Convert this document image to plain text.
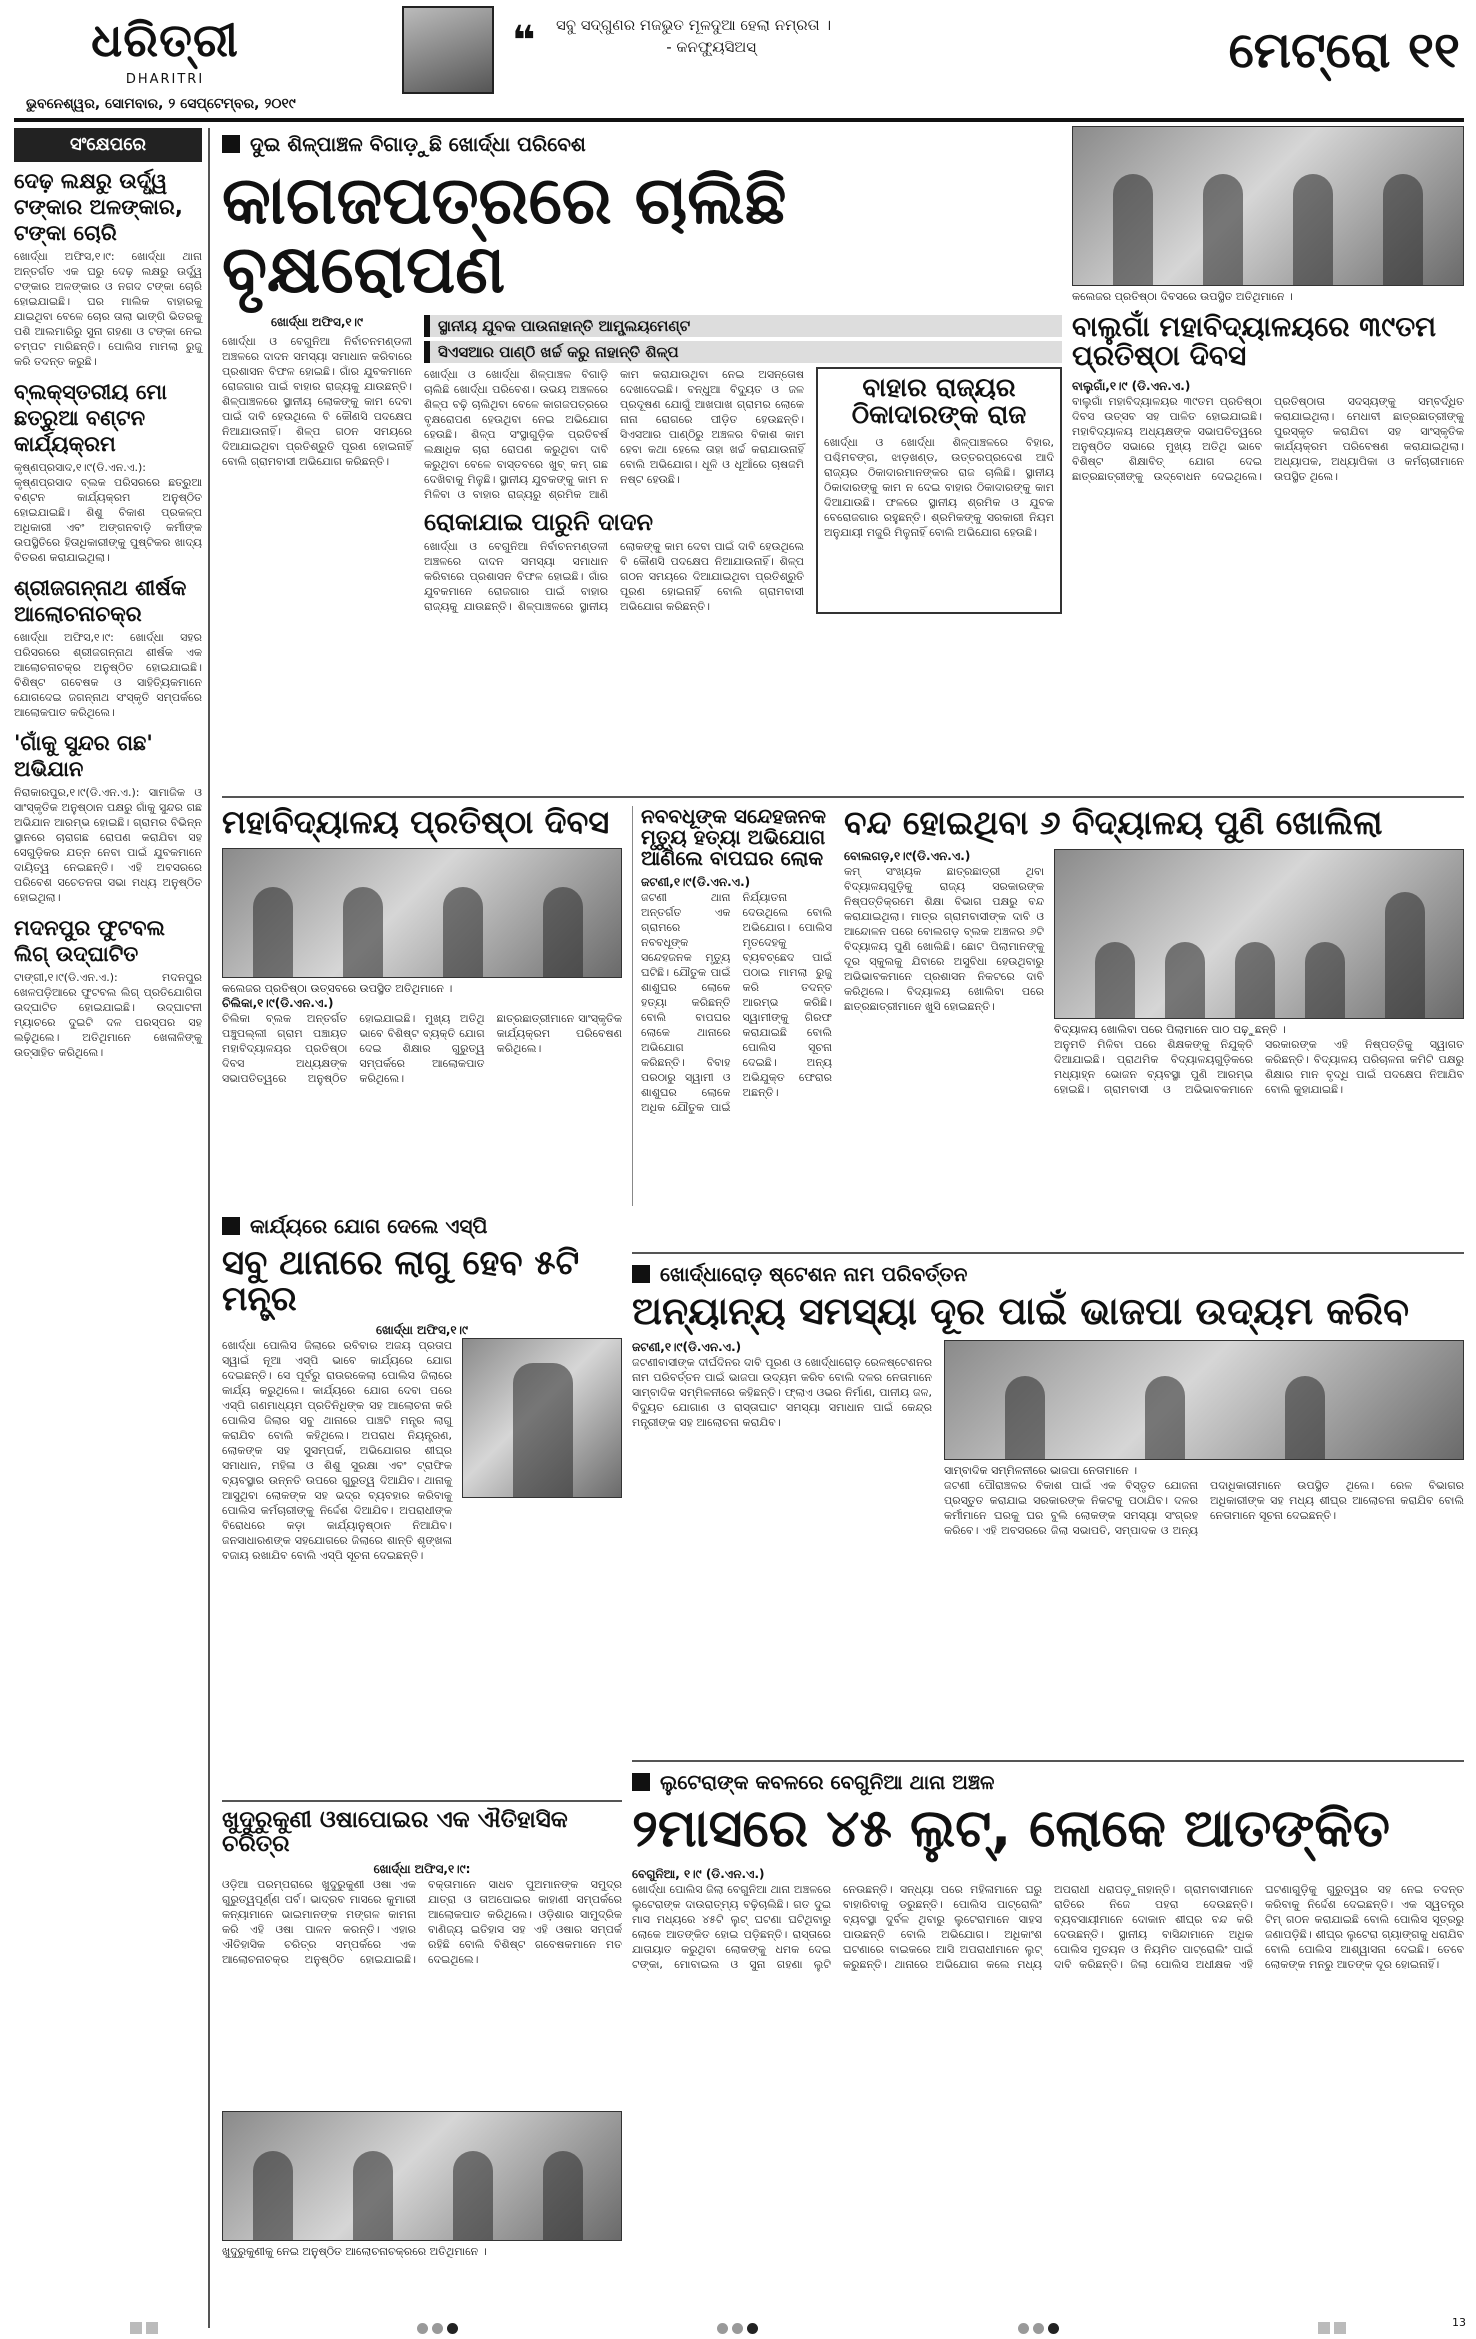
ଧରିତ୍ରୀ
DHARITRI
❝ ସବୁ ସଦ୍‌ଗୁଣର ମଜଭୁତ ମୂଳଦୁଆ ହେଲା ନମ୍ରତା ।
- କନଫ୍ୟୁସିଅସ୍‌	ମେଟ୍ରୋ ୧୧
ଭୁବନେଶ୍ୱର, ସୋମବାର, ୨ ସେପ୍ଟେମ୍ବର, ୨୦୧୯
ସଂକ୍ଷେପରେ
ଦେଢ଼ ଲକ୍ଷରୁ ଉର୍ଦ୍ଧ୍ୱ ଟଙ୍କାର ଅଳଙ୍କାର, ଟଙ୍କା ଚୋରି
ଖୋର୍ଦ୍ଧା ଅଫିସ,୧।୯: ଖୋର୍ଦ୍ଧା ଥାନା ଅନ୍ତର୍ଗତ ଏକ ଘରୁ ଦେଢ଼ ଲକ୍ଷରୁ ଉର୍ଦ୍ଧ୍ୱ ଟଙ୍କାର ଅଳଙ୍କାର ଓ ନଗଦ ଟଙ୍କା ଚୋରି ହୋଇଯାଇଛି। ଘର ମାଲିକ ବାହାରକୁ ଯାଇଥିବା ବେଳେ ଚୋର ତାଲା ଭାଙ୍ଗି ଭିତରକୁ ପଶି ଆଲମାରିରୁ ସୁନା ଗହଣା ଓ ଟଙ୍କା ନେଇ ଚମ୍ପଟ ମାରିଛନ୍ତି। ପୋଲିସ ମାମଲା ରୁଜୁ କରି ତଦନ୍ତ କରୁଛି।
ବ୍ଲକ୍‌ସ୍ତରୀୟ ମୋ ଛତ୍ରୁଆ ବଣ୍ଟନ କାର୍ଯ୍ୟକ୍ରମ
କୃଷ୍ଣପ୍ରସାଦ,୧।୯(ଡି.ଏନ.ଏ.): କୃଷ୍ଣପ୍ରସାଦ ବ୍ଲକ ପରିସରରେ ଛତ୍ରୁଆ ବଣ୍ଟନ କାର୍ଯ୍ୟକ୍ରମ ଅନୁଷ୍ଠିତ ହୋଇଯାଇଛି। ଶିଶୁ ବିକାଶ ପ୍ରକଳ୍ପ ଅଧିକାରୀ ଏବଂ ଅଙ୍ଗନବାଡ଼ି କର୍ମୀଙ୍କ ଉପସ୍ଥିତିରେ ହିତାଧିକାରୀଙ୍କୁ ପୁଷ୍ଟିକର ଖାଦ୍ୟ ବିତରଣ କରାଯାଇଥିଲା।
ଶ୍ରୀଜଗନ୍ନାଥ ଶୀର୍ଷକ ଆଲୋଚନାଚକ୍ର
ଖୋର୍ଦ୍ଧା ଅଫିସ,୧।୯: ଖୋର୍ଦ୍ଧା ସହର ପରିସରରେ ଶ୍ରୀଜଗନ୍ନାଥ ଶୀର୍ଷକ ଏକ ଆଲୋଚନାଚକ୍ର ଅନୁଷ୍ଠିତ ହୋଇଯାଇଛି। ବିଶିଷ୍ଟ ଗବେଷକ ଓ ସାହିତ୍ୟିକମାନେ ଯୋଗଦେଇ ଜଗନ୍ନାଥ ସଂସ୍କୃତି ସମ୍ପର୍କରେ ଆଲୋକପାତ କରିଥିଲେ।
'ଗାଁକୁ ସୁନ୍ଦର ଗଛ' ଅଭିଯାନ
ନିରାକାରପୁର,୧।୯(ଡି.ଏନ.ଏ.): ସାମାଜିକ ଓ ସାଂସ୍କୃତିକ ଅନୁଷ୍ଠାନ ପକ୍ଷରୁ ଗାଁକୁ ସୁନ୍ଦର ଗଛ ଅଭିଯାନ ଆରମ୍ଭ ହୋଇଛି। ଗ୍ରାମର ବିଭିନ୍ନ ସ୍ଥାନରେ ଚାରାଗଛ ରୋପଣ କରାଯିବା ସହ ସେଗୁଡ଼ିକର ଯତ୍ନ ନେବା ପାଇଁ ଯୁବକମାନେ ଦାୟିତ୍ୱ ନେଇଛନ୍ତି। ଏହି ଅବସରରେ ପରିବେଶ ସଚେତନତା ସଭା ମଧ୍ୟ ଅନୁଷ୍ଠିତ ହୋଇଥିଲା।
ମଦନପୁର ଫୁଟବଲ ଲିଗ୍‌ ଉଦ୍‌ଘାଟିତ
ଟାଙ୍ଗୀ,୧।୯(ଡି.ଏନ.ଏ.): ମଦନପୁର ଖେଳପଡ଼ିଆରେ ଫୁଟବଲ ଲିଗ୍‌ ପ୍ରତିଯୋଗିତା ଉଦ୍‌ଘାଟିତ ହୋଇଯାଇଛି। ଉଦ୍‌ଘାଟନୀ ମ୍ୟାଚରେ ଦୁଇଟି ଦଳ ପରସ୍ପର ସହ ଲଢ଼ିଥିଲେ। ଅତିଥିମାନେ ଖେଳାଳିଙ୍କୁ ଉତ୍ସାହିତ କରିଥିଲେ।
ଦୁଇ ଶିଳ୍ପାଞ୍ଚଳ ବିଗାଡ଼ୁଛି ଖୋର୍ଦ୍ଧା ପରିବେଶ
କାଗଜପତ୍ରରେ ଚାଲିଛି ବୃକ୍ଷରୋପଣ
ଖୋର୍ଦ୍ଧା ଅଫିସ,୧।୯
ଖୋର୍ଦ୍ଧା ଓ ବେଗୁନିଆ ନିର୍ବାଚନମଣ୍ଡଳୀ ଅଞ୍ଚଳରେ ଦାଦନ ସମସ୍ୟା ସମାଧାନ କରିବାରେ ପ୍ରଶାସନ ବିଫଳ ହୋଇଛି। ଗାଁର ଯୁବକମାନେ ରୋଜଗାର ପାଇଁ ବାହାର ରାଜ୍ୟକୁ ଯାଉଛନ୍ତି। ଶିଳ୍ପାଞ୍ଚଳରେ ସ୍ଥାନୀୟ ଲୋକଙ୍କୁ କାମ ଦେବା ପାଇଁ ଦାବି ହେଉଥିଲେ ବି କୌଣସି ପଦକ୍ଷେପ ନିଆଯାଉନାହିଁ। ଶିଳ୍ପ ଗଠନ ସମୟରେ ଦିଆଯାଇଥିବା ପ୍ରତିଶ୍ରୁତି ପୂରଣ ହୋଇନାହିଁ ବୋଲି ଗ୍ରାମବାସୀ ଅଭିଯୋଗ କରିଛନ୍ତି।
ସ୍ଥାନୀୟ ଯୁବକ ପାଉନାହାନ୍ତି ଆମ୍ପ୍ଲୟମେଣ୍ଟ
ସିଏସଆର ପାଣ୍ଠି ଖର୍ଚ୍ଚ କରୁ ନାହାନ୍ତି ଶିଳ୍ପ
ଖୋର୍ଦ୍ଧା ଓ ଖୋର୍ଦ୍ଧା ଶିଳ୍ପାଞ୍ଚଳ ବିଗାଡ଼ି ଚାଲିଛି ଖୋର୍ଦ୍ଧା ପରିବେଶ। ଉଭୟ ଅଞ୍ଚଳରେ ଶିଳ୍ପ ବଢ଼ି ଚାଲିଥିବା ବେଳେ କାଗଜପତ୍ରରେ ବୃକ୍ଷରୋପଣ ହେଉଥିବା ନେଇ ଅଭିଯୋଗ ହେଉଛି। ଶିଳ୍ପ ସଂସ୍ଥାଗୁଡ଼ିକ ପ୍ରତିବର୍ଷ ଲକ୍ଷାଧିକ ଚାରା ରୋପଣ କରୁଥିବା ଦାବି କରୁଥିବା ବେଳେ ବାସ୍ତବରେ ଖୁବ୍‌ କମ୍‌ ଗଛ ଦେଖିବାକୁ ମିଳୁଛି। ସ୍ଥାନୀୟ ଯୁବକଙ୍କୁ କାମ ନ ମିଳିବା ଓ ବାହାର ରାଜ୍ୟରୁ ଶ୍ରମିକ ଆଣି କାମ କରାଯାଉଥିବା ନେଇ ଅସନ୍ତୋଷ ଦେଖାଦେଇଛି। ବନ୍ଧୁଆ ବିଦ୍ୟୁତ ଓ ଜଳ ପ୍ରଦୂଷଣ ଯୋଗୁଁ ଆଖପାଖ ଗ୍ରାମର ଲୋକେ ନାନା ରୋଗରେ ପୀଡ଼ିତ ହେଉଛନ୍ତି। ସିଏସଆର ପାଣ୍ଠିରୁ ଅଞ୍ଚଳର ବିକାଶ କାମ ହେବା କଥା ହେଲେ ତାହା ଖର୍ଚ୍ଚ କରାଯାଉନାହିଁ ବୋଲି ଅଭିଯୋଗ। ଧୂଳି ଓ ଧୂଆଁରେ ଚାଷଜମି ନଷ୍ଟ ହେଉଛି।
ରୋକାଯାଇ ପାରୁନି ଦାଦନ
ଖୋର୍ଦ୍ଧା ଓ ବେଗୁନିଆ ନିର୍ବାଚନମଣ୍ଡଳୀ ଅଞ୍ଚଳରେ ଦାଦନ ସମସ୍ୟା ସମାଧାନ କରିବାରେ ପ୍ରଶାସନ ବିଫଳ ହୋଇଛି। ଗାଁର ଯୁବକମାନେ ରୋଜଗାର ପାଇଁ ବାହାର ରାଜ୍ୟକୁ ଯାଉଛନ୍ତି। ଶିଳ୍ପାଞ୍ଚଳରେ ସ୍ଥାନୀୟ ଲୋକଙ୍କୁ କାମ ଦେବା ପାଇଁ ଦାବି ହେଉଥିଲେ ବି କୌଣସି ପଦକ୍ଷେପ ନିଆଯାଉନାହିଁ। ଶିଳ୍ପ ଗଠନ ସମୟରେ ଦିଆଯାଇଥିବା ପ୍ରତିଶ୍ରୁତି ପୂରଣ ହୋଇନାହିଁ ବୋଲି ଗ୍ରାମବାସୀ ଅଭିଯୋଗ କରିଛନ୍ତି।
ବାହାର ରାଜ୍ୟର ଠିକାଦାରଙ୍କ ରାଜ
ଖୋର୍ଦ୍ଧା ଓ ଖୋର୍ଦ୍ଧା ଶିଳ୍ପାଞ୍ଚଳରେ ବିହାର, ପଶ୍ଚିମବଙ୍ଗ, ଝାଡ଼ଖଣ୍ଡ, ଉତ୍ତରପ୍ରଦେଶ ଆଦି ରାଜ୍ୟର ଠିକାଦାରମାନଙ୍କର ରାଜ ଚାଲିଛି। ସ୍ଥାନୀୟ ଠିକାଦାରଙ୍କୁ କାମ ନ ଦେଇ ବାହାର ଠିକାଦାରଙ୍କୁ କାମ ଦିଆଯାଉଛି। ଫଳରେ ସ୍ଥାନୀୟ ଶ୍ରମିକ ଓ ଯୁବକ ବେରୋଜଗାର ରହୁଛନ୍ତି। ଶ୍ରମିକଙ୍କୁ ସରକାରୀ ନିୟମ ଅନୁଯାୟୀ ମଜୁରି ମିଳୁନାହିଁ ବୋଲି ଅଭିଯୋଗ ହେଉଛି।
କଲେଜର ପ୍ରତିଷ୍ଠା ଦିବସରେ ଉପସ୍ଥିତ ଅତିଥିମାନେ ।
ବାଲୁଗାଁ ମହାବିଦ୍ୟାଳୟରେ ୩୯ତମ ପ୍ରତିଷ୍ଠା ଦିବସ
ବାଲୁଗାଁ,୧।୯ (ଡି.ଏନ.ଏ.)
ବାଲୁଗାଁ ମହାବିଦ୍ୟାଳୟର ୩୯ତମ ପ୍ରତିଷ୍ଠା ଦିବସ ଉତ୍ସବ ସହ ପାଳିତ ହୋଇଯାଇଛି। ମହାବିଦ୍ୟାଳୟ ଅଧ୍ୟକ୍ଷଙ୍କ ସଭାପତିତ୍ୱରେ ଅନୁଷ୍ଠିତ ସଭାରେ ମୁଖ୍ୟ ଅତିଥି ଭାବେ ବିଶିଷ୍ଟ ଶିକ୍ଷାବିତ୍‌ ଯୋଗ ଦେଇ ଛାତ୍ରଛାତ୍ରୀଙ୍କୁ ଉଦ୍‌ବୋଧନ ଦେଇଥିଲେ। ପ୍ରତିଷ୍ଠାତା ସଦସ୍ୟଙ୍କୁ ସମ୍ବର୍ଦ୍ଧିତ କରାଯାଇଥିଲା। ମେଧାବୀ ଛାତ୍ରଛାତ୍ରୀଙ୍କୁ ପୁରସ୍କୃତ କରାଯିବା ସହ ସାଂସ୍କୃତିକ କାର୍ଯ୍ୟକ୍ରମ ପରିବେଷଣ କରାଯାଇଥିଲା। ଅଧ୍ୟାପକ, ଅଧ୍ୟାପିକା ଓ କର୍ମଚାରୀମାନେ ଉପସ୍ଥିତ ଥିଲେ।
ମହାବିଦ୍ୟାଳୟ ପ୍ରତିଷ୍ଠା ଦିବସ
କଲେଜର ପ୍ରତିଷ୍ଠା ଉତ୍ସବରେ ଉପସ୍ଥିତ ଅତିଥିମାନେ ।
ଚିଲିକା,୧।୯(ଡି.ଏନ.ଏ.)
ଚିଲିକା ବ୍ଲକ ଅନ୍ତର୍ଗତ ପଞ୍ଚୁପଲ୍ଲୀ ଗ୍ରାମ ପଞ୍ଚାୟତ ମହାବିଦ୍ୟାଳୟର ପ୍ରତିଷ୍ଠା ଦିବସ ଅଧ୍ୟକ୍ଷଙ୍କ ସଭାପତିତ୍ୱରେ ଅନୁଷ୍ଠିତ ହୋଇଯାଇଛି। ମୁଖ୍ୟ ଅତିଥି ଭାବେ ବିଶିଷ୍ଟ ବ୍ୟକ୍ତି ଯୋଗ ଦେଇ ଶିକ୍ଷାର ଗୁରୁତ୍ୱ ସମ୍ପର୍କରେ ଆଲୋକପାତ କରିଥିଲେ। ଛାତ୍ରଛାତ୍ରୀମାନେ ସାଂସ୍କୃତିକ କାର୍ଯ୍ୟକ୍ରମ ପରିବେଷଣ କରିଥିଲେ।
ନବବଧୂଙ୍କ ସନ୍ଦେହଜନକ ମୃତ୍ୟୁ ହତ୍ୟା ଅଭିଯୋଗ ଆଣିଲେ ବାପଘର ଲୋକ
ଜଟଣୀ,୧।୯(ଡି.ଏନ.ଏ.)
ଜଟଣୀ ଥାନା ଅନ୍ତର୍ଗତ ଏକ ଗ୍ରାମରେ ନବବଧୂଙ୍କ ସନ୍ଦେହଜନକ ମୃତ୍ୟୁ ଘଟିଛି। ଯୌତୁକ ପାଇଁ ଶାଶୁଘର ଲୋକେ ହତ୍ୟା କରିଛନ୍ତି ବୋଲି ବାପଘର ଲୋକେ ଥାନାରେ ଅଭିଯୋଗ କରିଛନ୍ତି। ବିବାହ ପରଠାରୁ ସ୍ୱାମୀ ଓ ଶାଶୁଘର ଲୋକେ ଅଧିକ ଯୌତୁକ ପାଇଁ ନିର୍ଯ୍ୟାତନା ଦେଉଥିଲେ ବୋଲି ଅଭିଯୋଗ। ପୋଲିସ ମୃତଦେହକୁ ବ୍ୟବଚ୍ଛେଦ ପାଇଁ ପଠାଇ ମାମଲା ରୁଜୁ କରି ତଦନ୍ତ ଆରମ୍ଭ କରିଛି। ସ୍ୱାମୀଙ୍କୁ ଗିରଫ କରାଯାଇଛି ବୋଲି ପୋଲିସ ସୂଚନା ଦେଇଛି। ଅନ୍ୟ ଅଭିଯୁକ୍ତ ଫେରାର ଅଛନ୍ତି।
ବନ୍ଦ ହୋଇଥିବା ୬ ବିଦ୍ୟାଳୟ ପୁଣି ଖୋଲିଲା
ବୋଲଗଡ଼,୧।୯(ଡି.ଏନ.ଏ.)
କମ୍‌ ସଂଖ୍ୟକ ଛାତ୍ରଛାତ୍ରୀ ଥିବା ବିଦ୍ୟାଳୟଗୁଡ଼ିକୁ ରାଜ୍ୟ ସରକାରଙ୍କ ନିଷ୍ପତ୍ତିକ୍ରମେ ଶିକ୍ଷା ବିଭାଗ ପକ୍ଷରୁ ବନ୍ଦ କରାଯାଇଥିଲା। ମାତ୍ର ଗ୍ରାମବାସୀଙ୍କ ଦାବି ଓ ଆନ୍ଦୋଳନ ପରେ ବୋଲଗଡ଼ ବ୍ଲକ ଅଞ୍ଚଳର ୬ଟି ବିଦ୍ୟାଳୟ ପୁଣି ଖୋଲିଛି। ଛୋଟ ପିଲାମାନଙ୍କୁ ଦୂର ସ୍କୁଲକୁ ଯିବାରେ ଅସୁବିଧା ହେଉଥିବାରୁ ଅଭିଭାବକମାନେ ପ୍ରଶାସନ ନିକଟରେ ଦାବି କରିଥିଲେ। ବିଦ୍ୟାଳୟ ଖୋଲିବା ପରେ ଛାତ୍ରଛାତ୍ରୀମାନେ ଖୁସି ହୋଇଛନ୍ତି।
ବିଦ୍ୟାଳୟ ଖୋଲିବା ପରେ ପିଲାମାନେ ପାଠ ପଢ଼ୁଛନ୍ତି ।
ଅନୁମତି ମିଳିବା ପରେ ଶିକ୍ଷକଙ୍କୁ ନିଯୁକ୍ତି ଦିଆଯାଇଛି। ପ୍ରାଥମିକ ବିଦ୍ୟାଳୟଗୁଡ଼ିକରେ ମଧ୍ୟାହ୍ନ ଭୋଜନ ବ୍ୟବସ୍ଥା ପୁଣି ଆରମ୍ଭ ହୋଇଛି। ଗ୍ରାମବାସୀ ଓ ଅଭିଭାବକମାନେ ସରକାରଙ୍କ ଏହି ନିଷ୍ପତ୍ତିକୁ ସ୍ୱାଗତ କରିଛନ୍ତି। ବିଦ୍ୟାଳୟ ପରିଚାଳନା କମିଟି ପକ୍ଷରୁ ଶିକ୍ଷାର ମାନ ବୃଦ୍ଧି ପାଇଁ ପଦକ୍ଷେପ ନିଆଯିବ ବୋଲି କୁହାଯାଇଛି।
କାର୍ଯ୍ୟରେ ଯୋଗ ଦେଲେ ଏସ୍‌ପି
ସବୁ ଥାନାରେ ଲାଗୁ ହେବ ୫ଟି ମନ୍ତ୍ର
ଖୋର୍ଦ୍ଧା ଅଫିସ,୧।୯
ଖୋର୍ଦ୍ଧା ପୋଲିସ ଜିଲାରେ ରବିବାର ଅଜୟ ପ୍ରତାପ ସ୍ୱାଇଁ ନୂଆ ଏସ୍‌ପି ଭାବେ କାର୍ଯ୍ୟରେ ଯୋଗ ଦେଇଛନ୍ତି। ସେ ପୂର୍ବରୁ ରାଉରକେଲା ପୋଲିସ ଜିଲାରେ କାର୍ଯ୍ୟ କରୁଥିଲେ। କାର୍ଯ୍ୟରେ ଯୋଗ ଦେବା ପରେ ଏସ୍‌ପି ଗଣମାଧ୍ୟମ ପ୍ରତିନିଧିଙ୍କ ସହ ଆଲୋଚନା କରି ପୋଲିସ ଜିଲାର ସବୁ ଥାନାରେ ପାଞ୍ଚଟି ମନ୍ତ୍ର ଲାଗୁ କରାଯିବ ବୋଲି କହିଥିଲେ। ଅପରାଧ ନିୟନ୍ତ୍ରଣ, ଲୋକଙ୍କ ସହ ସୁସମ୍ପର୍କ, ଅଭିଯୋଗର ଶୀଘ୍ର ସମାଧାନ, ମହିଳା ଓ ଶିଶୁ ସୁରକ୍ଷା ଏବଂ ଟ୍ରାଫିକ ବ୍ୟବସ୍ଥାର ଉନ୍ନତି ଉପରେ ଗୁରୁତ୍ୱ ଦିଆଯିବ। ଥାନାକୁ ଆସୁଥିବା ଲୋକଙ୍କ ସହ ଭଦ୍ର ବ୍ୟବହାର କରିବାକୁ ପୋଲିସ କର୍ମଚାରୀଙ୍କୁ ନିର୍ଦ୍ଦେଶ ଦିଆଯିବ। ଅପରାଧୀଙ୍କ ବିରୋଧରେ କଡ଼ା କାର୍ଯ୍ୟାନୁଷ୍ଠାନ ନିଆଯିବ। ଜନସାଧାରଣଙ୍କ ସହଯୋଗରେ ଜିଲାରେ ଶାନ୍ତି ଶୃଙ୍ଖଳା ବଜାୟ ରଖାଯିବ ବୋଲି ଏସ୍‌ପି ସୂଚନା ଦେଇଛନ୍ତି।
ଖୋର୍ଦ୍ଧାରୋଡ଼ ଷ୍ଟେଶନ ନାମ ପରିବର୍ତ୍ତନ
ଅନ୍ୟାନ୍ୟ ସମସ୍ୟା ଦୂର ପାଇଁ ଭାଜପା ଉଦ୍ୟମ କରିବ
ଜଟଣୀ,୧।୯(ଡି.ଏନ.ଏ.)
ଜଟଣୀବାସୀଙ୍କ ଦୀର୍ଘଦିନର ଦାବି ପୂରଣ ଓ ଖୋର୍ଦ୍ଧାରୋଡ଼ ରେଳଷ୍ଟେଶନର ନାମ ପରିବର୍ତ୍ତନ ପାଇଁ ଭାଜପା ଉଦ୍ୟମ କରିବ ବୋଲି ଦଳର ନେତାମାନେ ସାମ୍ବାଦିକ ସମ୍ମିଳନୀରେ କହିଛନ୍ତି। ଫ୍ଲାଏ ଓଭର ନିର୍ମାଣ, ପାନୀୟ ଜଳ, ବିଦ୍ୟୁତ ଯୋଗାଣ ଓ ରାସ୍ତାଘାଟ ସମସ୍ୟା ସମାଧାନ ପାଇଁ କେନ୍ଦ୍ର ମନ୍ତ୍ରୀଙ୍କ ସହ ଆଲୋଚନା କରାଯିବ।
ସାମ୍ବାଦିକ ସମ୍ମିଳନୀରେ ଭାଜପା ନେତାମାନେ ।
ଜଟଣୀ ପୌରାଞ୍ଚଳର ବିକାଶ ପାଇଁ ଏକ ବିସ୍ତୃତ ଯୋଜନା ପ୍ରସ୍ତୁତ କରାଯାଇ ସରକାରଙ୍କ ନିକଟକୁ ପଠାଯିବ। ଦଳର କର୍ମୀମାନେ ଘରକୁ ଘର ବୁଲି ଲୋକଙ୍କ ସମସ୍ୟା ସଂଗ୍ରହ କରିବେ। ଏହି ଅବସରରେ ଜିଲା ସଭାପତି, ସମ୍ପାଦକ ଓ ଅନ୍ୟ ପଦାଧିକାରୀମାନେ ଉପସ୍ଥିତ ଥିଲେ। ରେଳ ବିଭାଗର ଅଧିକାରୀଙ୍କ ସହ ମଧ୍ୟ ଶୀଘ୍ର ଆଲୋଚନା କରାଯିବ ବୋଲି ନେତାମାନେ ସୂଚନା ଦେଇଛନ୍ତି।
ଖୁଦୁରୁକୁଣୀ ଓଷାପୋଇର ଏକ ଐତିହାସିକ ଚରିତ୍ର
ଖୋର୍ଦ୍ଧା ଅଫିସ,୧।୯:
ଓଡ଼ିଆ ପରମ୍ପରାରେ ଖୁଦୁରୁକୁଣୀ ଓଷା ଏକ ଗୁରୁତ୍ୱପୂର୍ଣ୍ଣ ପର୍ବ। ଭାଦ୍ରବ ମାସରେ କୁମାରୀ କନ୍ୟାମାନେ ଭାଇମାନଙ୍କ ମଙ୍ଗଳ କାମନା କରି ଏହି ଓଷା ପାଳନ କରନ୍ତି। ଏହାର ଐତିହାସିକ ଚରିତ୍ର ସମ୍ପର୍କରେ ଏକ ଆଲୋଚନାଚକ୍ର ଅନୁଷ୍ଠିତ ହୋଇଯାଇଛି। ବକ୍ତାମାନେ ସାଧବ ପୁଅମାନଙ୍କ ସମୁଦ୍ର ଯାତ୍ରା ଓ ତାଅପୋଇର କାହାଣୀ ସମ୍ପର୍କରେ ଆଲୋକପାତ କରିଥିଲେ। ଓଡ଼ିଶାର ସାମୁଦ୍ରିକ ବାଣିଜ୍ୟ ଇତିହାସ ସହ ଏହି ଓଷାର ସମ୍ପର୍କ ରହିଛି ବୋଲି ବିଶିଷ୍ଟ ଗବେଷକମାନେ ମତ ଦେଇଥିଲେ।
ଖୁଦୁରୁକୁଣୀକୁ ନେଇ ଅନୁଷ୍ଠିତ ଆଲୋଚନାଚକ୍ରରେ ଅତିଥିମାନେ ।
ଲୁଟେରାଙ୍କ କବଳରେ ବେଗୁନିଆ ଥାନା ଅଞ୍ଚଳ
୨ମାସରେ ୪୫ ଲୁଟ୍‌, ଲୋକେ ଆତଙ୍କିତ
ବେଗୁନିଆ, ୧।୯ (ଡି.ଏନ.ଏ.)
ଖୋର୍ଦ୍ଧା ପୋଲିସ ଜିଲା ବେଗୁନିଆ ଥାନା ଅଞ୍ଚଳରେ ଲୁଟେରାଙ୍କ ଦାଉରାତ୍ମ୍ୟ ବଢ଼ିଚାଲିଛି। ଗତ ଦୁଇ ମାସ ମଧ୍ୟରେ ୪୫ଟି ଲୁଟ୍‌ ଘଟଣା ଘଟିଥିବାରୁ ଲୋକେ ଆତଙ୍କିତ ହୋଇ ପଡ଼ିଛନ୍ତି। ରାସ୍ତାରେ ଯାତାୟାତ କରୁଥିବା ଲୋକଙ୍କୁ ଧମକ ଦେଇ ଟଙ୍କା, ମୋବାଇଲ ଓ ସୁନା ଗହଣା ଲୁଟି ନେଉଛନ୍ତି। ସନ୍ଧ୍ୟା ପରେ ମହିଳାମାନେ ଘରୁ ବାହାରିବାକୁ ଡରୁଛନ୍ତି। ପୋଲିସ ପାଟ୍ରୋଲିଂ ବ୍ୟବସ୍ଥା ଦୁର୍ବଳ ଥିବାରୁ ଲୁଟେରାମାନେ ସାହସ ପାଉଛନ୍ତି ବୋଲି ଅଭିଯୋଗ। ଅଧିକାଂଶ ଘଟଣାରେ ବାଇକରେ ଆସି ଅପରାଧୀମାନେ ଲୁଟ୍‌ କରୁଛନ୍ତି। ଥାନାରେ ଅଭିଯୋଗ କଲେ ମଧ୍ୟ ଅପରାଧୀ ଧରାପଡ଼ୁନାହାନ୍ତି। ଗ୍ରାମବାସୀମାନେ ରାତିରେ ନିଜେ ପହରା ଦେଉଛନ୍ତି। ବ୍ୟବସାୟୀମାନେ ଦୋକାନ ଶୀଘ୍ର ବନ୍ଦ କରି ଦେଉଛନ୍ତି। ସ୍ଥାନୀୟ ବାସିନ୍ଦାମାନେ ଅଧିକ ପୋଲିସ ମୁତୟନ ଓ ନିୟମିତ ପାଟ୍ରୋଲିଂ ପାଇଁ ଦାବି କରିଛନ୍ତି। ଜିଲା ପୋଲିସ ଅଧୀକ୍ଷକ ଏହି ଘଟଣାଗୁଡ଼ିକୁ ଗୁରୁତ୍ୱର ସହ ନେଇ ତଦନ୍ତ କରିବାକୁ ନିର୍ଦ୍ଦେଶ ଦେଇଛନ୍ତି। ଏକ ସ୍ୱତନ୍ତ୍ର ଟିମ୍‌ ଗଠନ କରାଯାଇଛି ବୋଲି ପୋଲିସ ସୂତ୍ରରୁ ଜଣାପଡ଼ିଛି। ଶୀଘ୍ର ଲୁଟେରା ଗ୍ୟାଙ୍ଗକୁ ଧରାଯିବ ବୋଲି ପୋଲିସ ଆଶ୍ୱାସନା ଦେଇଛି। ତେବେ ଲୋକଙ୍କ ମନରୁ ଆତଙ୍କ ଦୂର ହୋଇନାହିଁ।
13
